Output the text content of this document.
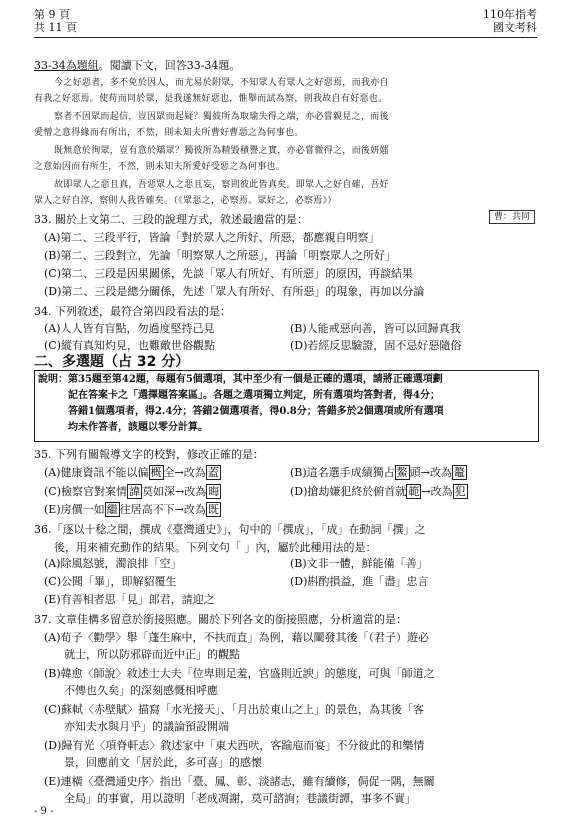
第 9 頁
共 11 頁
110年指考
國文考科
33-34為題組。閱讀下文，回答33-34題。
今之好惡者，多不免於因人，而尤易於附眾，不知眾人有眾人之好惡焉，而我亦自
有我之好惡焉。使苟而同於眾，是我遂無好惡也，惟舉而試為察，則我故自有好惡也。
察者不因眾而起信，豈因眾而起疑？獨彼所為取瑜失得之端，亦必嘗親見之，而後
愛憎之意得緣而有所出，不然，則未知夫所曹好曹惡之為何事也。
既無意於徇眾，豈有意於矯眾？獨彼所為精毀積譽之實，亦必嘗微得之，而後妍媸
之意始因而有所生，不然，則未知夫所愛好受惡之為何事也。
故即眾人之惡且真，吾惡眾人之惡且妄，察則彼此皆真矣。即眾人之好自確，吾好
眾人之好自淳，察則人我皆確矣。（《眾惡之，必察焉。眾好之，必察焉》）
33. 關於上文第二、三段的說理方式，敘述最適當的是：	曹：共同
(A)第二、三段平行，皆論「對於眾人之所好、所惡，都應親自明察」
(B)第二、三段對立，先論「明察眾人之所惡」，再論「明察眾人之所好」
(C)第二、三段是因果關係，先談「眾人有所好、有所惡」的原因，再談結果
(D)第二、三段是總分關係，先述「眾人有所好、有所惡」的現象，再加以分論
34. 下列敘述，最符合第四段看法的是：
(A)人人皆有盲點，勿過度堅持己見	(B)人能戒惡向善，皆可以回歸真我
(C)縱有真知灼見，也難敵世俗觀點	(D)若經反思驗證，固不忌好惡隨俗
二、多選題（占 32 分）
說明：第35題至第42題，每題有5個選項，其中至少有一個是正確的選項，請將正確選項劃
記在答案卡之「選擇題答案區」。各題之選項獨立判定，所有選項均答對者，得4分；
答錯1個選項者，得2.4分；答錯2個選項者，得0.8分；答錯多於2個選項或所有選項
均未作答者，該題以零分計算。
35. 下列有關報導文字的校對，修改正確的是：
(A)健康資訊不能以偏 概 全→改為 蓋	(B)這名選手成績獨占 鰲 頭→改為 鼇
(C)檢察官對案情 諱 莫如深→改為 晦	(D)搶劫嫌犯終於俯首就 範 →改為 犯
(E)房價一如 繼 往居高不下→改為 既
36.「逐以十稔之間，撰成《臺灣通史》」，句中的「撰成」，「成」在動詞「撰」之
後，用來補充動作的結果。下列文句「 」內，屬於此種用法的是：
(A)除風怒號，濁浪排「空」	(B)文非一體，鮮能備「善」
(C)公聞「畢」，即解貂覆生	(D)斟酌損益，進「盡」忠言
(E)有善相者思「見」郎君，請迎之
37. 文章佳構多留意於銜接照應。關於下列各文的銜接照應，分析適當的是：
(A)荀子〈勸學〉舉「蓬生麻中，不扶而直」為例，藉以闡發其後「（君子）遊必
就士，所以防邪辟而近中正」的觀點
(B)韓愈〈師說〉敘述士大夫「位卑則足羞，官盛則近諛」的態度，可與「師道之
不傳也久矣」的深刻感慨相呼應
(C)蘇軾〈赤壁賦〉描寫「水光接天」、「月出於東山之上」的景色，為其後「客
亦知夫水與月乎」的議論預設開端
(D)歸有光〈項脊軒志〉敘述家中「東犬西吠，客踰庖而宴」不分彼此的和樂情
景，回應前文「居於此，多可喜」的感懷
(E)連橫〈臺灣通史序〉指出「臺、鳳、彰、淡諸志，雖有續修，侷促一隅，無關
全局」的事實，用以證明「老成凋謝，莫可諮詢；巷議街譚，事多不實」
- 9 -
